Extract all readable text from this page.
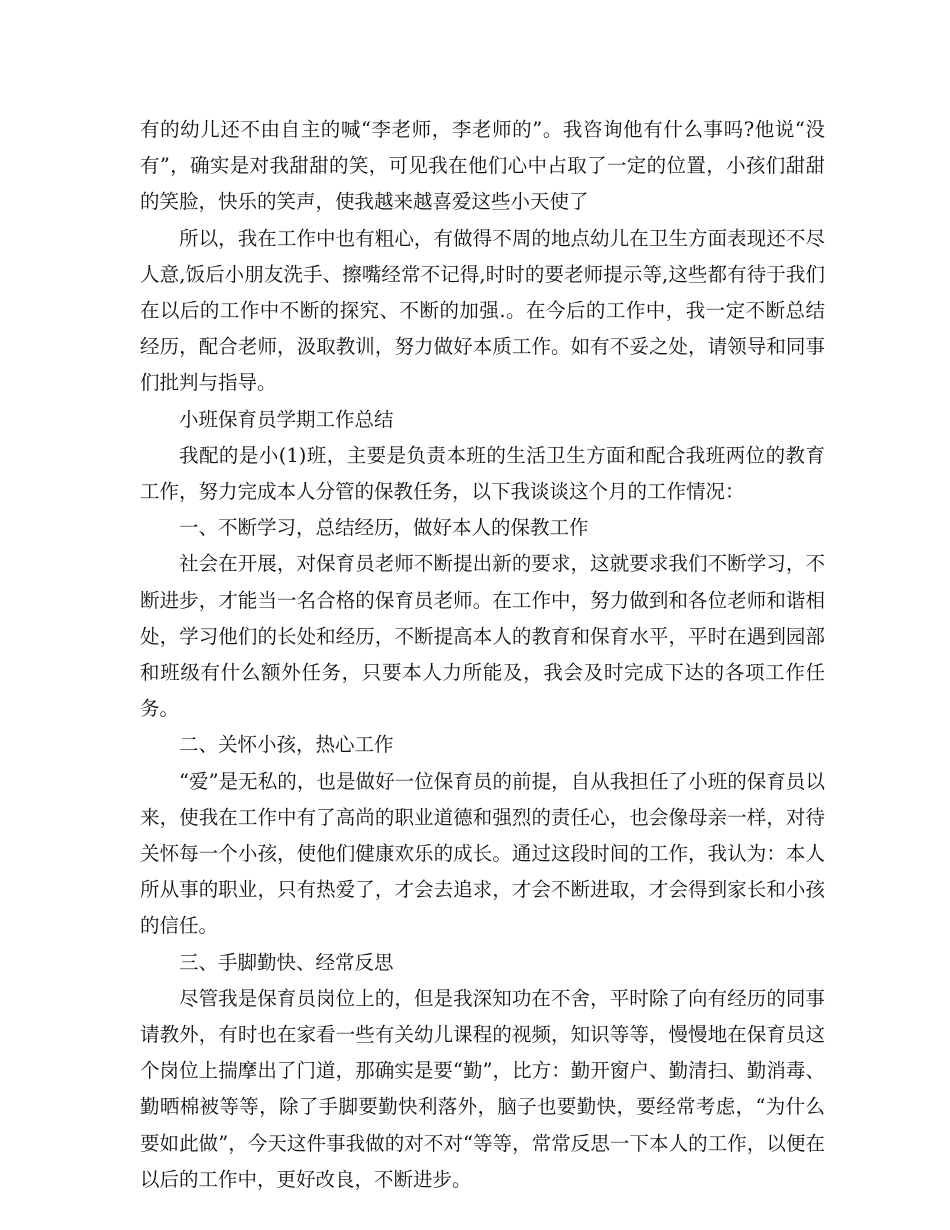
有的幼儿还不由自主的喊“李老师，李老师的”。我咨询他有什么事吗?他说“没有”，确实是对我甜甜的笑，可见我在他们心中占取了一定的位置，小孩们甜甜的笑脸，快乐的笑声，使我越来越喜爱这些小天使了

所以，我在工作中也有粗心，有做得不周的地点幼儿在卫生方面表现还不尽人意,饭后小朋友洗手、擦嘴经常不记得,时时的要老师提示等,这些都有待于我们在以后的工作中不断的探究、不断的加强.。在今后的工作中，我一定不断总结经历，配合老师，汲取教训，努力做好本质工作。如有不妥之处，请领导和同事们批判与指导。

小班保育员学期工作总结

我配的是小(1)班，主要是负责本班的生活卫生方面和配合我班两位的教育工作，努力完成本人分管的保教任务，以下我谈谈这个月的工作情况：

一、不断学习，总结经历，做好本人的保教工作

社会在开展，对保育员老师不断提出新的要求，这就要求我们不断学习，不断进步，才能当一名合格的保育员老师。在工作中，努力做到和各位老师和谐相处，学习他们的长处和经历，不断提高本人的教育和保育水平，平时在遇到园部和班级有什么额外任务，只要本人力所能及，我会及时完成下达的各项工作任务。

二、关怀小孩，热心工作

“爱”是无私的，也是做好一位保育员的前提，自从我担任了小班的保育员以来，使我在工作中有了高尚的职业道德和强烈的责任心，也会像母亲一样，对待关怀每一个小孩，使他们健康欢乐的成长。通过这段时间的工作，我认为：本人所从事的职业，只有热爱了，才会去追求，才会不断进取，才会得到家长和小孩的信任。

三、手脚勤快、经常反思

尽管我是保育员岗位上的，但是我深知功在不舍，平时除了向有经历的同事请教外，有时也在家看一些有关幼儿课程的视频，知识等等，慢慢地在保育员这个岗位上揣摩出了门道，那确实是要“勤”，比方：勤开窗户、勤清扫、勤消毒、勤晒棉被等等，除了手脚要勤快利落外，脑子也要勤快，要经常考虑，“为什么要如此做”，今天这件事我做的对不对“等等，常常反思一下本人的工作，以便在以后的工作中，更好改良，不断进步。
